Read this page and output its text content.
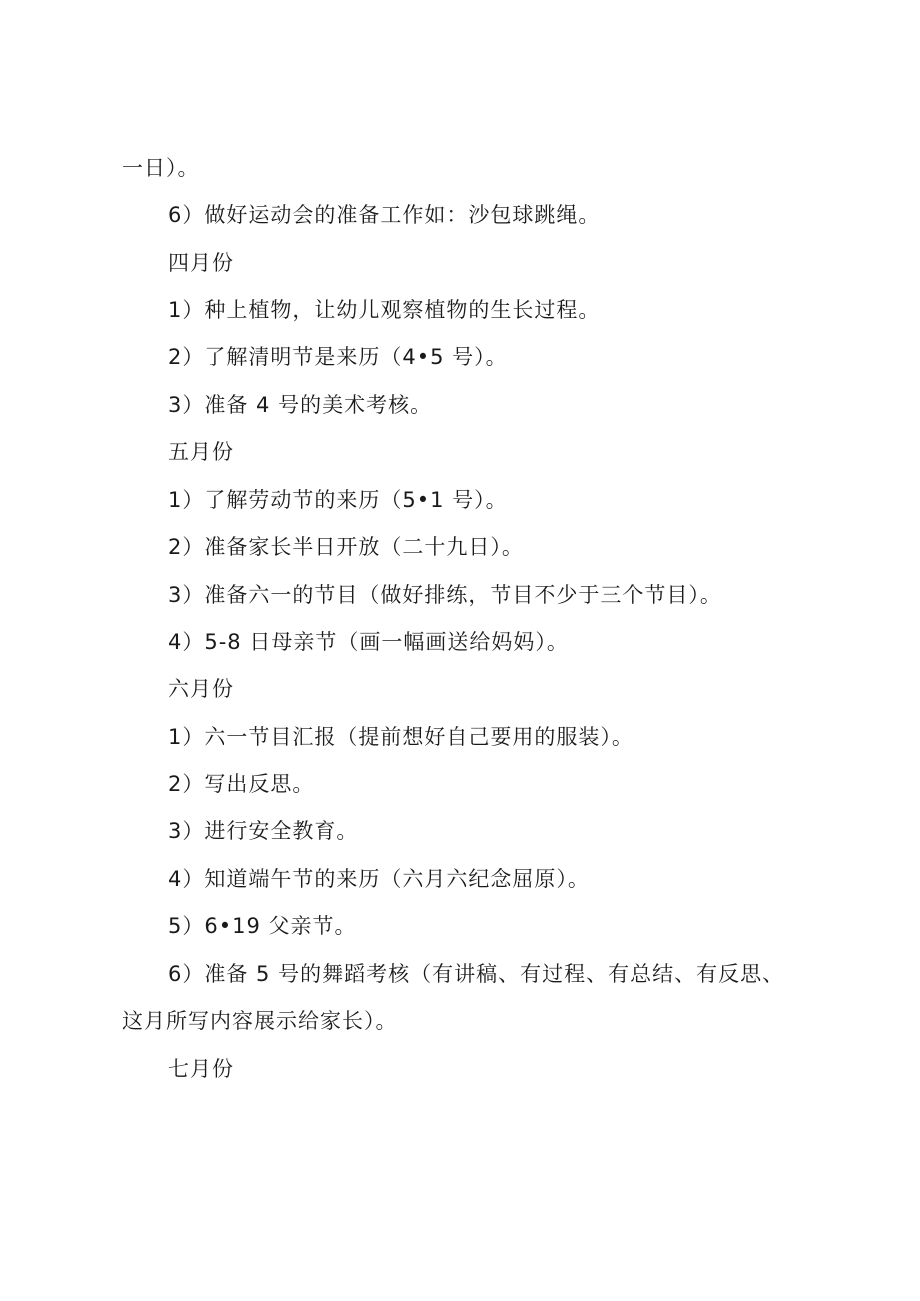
一日）。
6）做好运动会的准备工作如：沙包球跳绳。
四月份
1）种上植物，让幼儿观察植物的生长过程。
2）了解清明节是来历（4•5 号）。
3）准备 4 号的美术考核。
五月份
1）了解劳动节的来历（5•1 号）。
2）准备家长半日开放（二十九日）。
3）准备六一的节目（做好排练，节目不少于三个节目）。
4）5-8 日母亲节（画一幅画送给妈妈）。
六月份
1）六一节目汇报（提前想好自己要用的服装）。
2）写出反思。
3）进行安全教育。
4）知道端午节的来历（六月六纪念屈原）。
5）6•19 父亲节。
6）准备 5 号的舞蹈考核（有讲稿、有过程、有总结、有反思、
这月所写内容展示给家长）。
七月份
